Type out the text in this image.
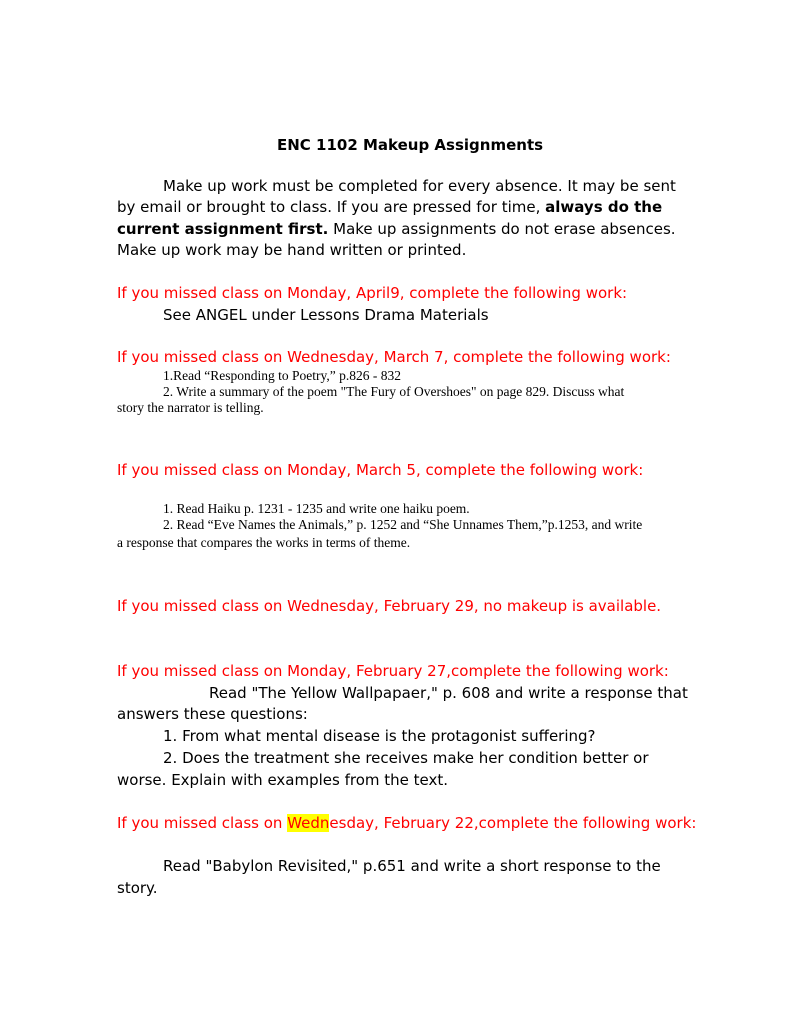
ENC 1102 Makeup Assignments
Make up work must be completed for every absence. It may be sent
by email or brought to class. If you are pressed for time, always do the
current assignment first. Make up assignments do not erase absences.
Make up work may be hand written or printed.
If you missed class on Monday, April9, complete the following work:
See ANGEL under Lessons Drama Materials
If you missed class on Wednesday, March 7, complete the following work:
1.Read “Responding to Poetry,” p.826 - 832
2. Write a summary of the poem "The Fury of Overshoes" on page 829. Discuss what
story the narrator is telling.
If you missed class on Monday, March 5, complete the following work:
1. Read Haiku p. 1231 - 1235 and write one haiku poem.
2. Read “Eve Names the Animals,” p. 1252 and “She Unnames Them,”p.1253, and write
a response that compares the works in terms of theme.
If you missed class on Wednesday, February 29, no makeup is available.
If you missed class on Monday, February 27,complete the following work:
Read "The Yellow Wallpapaer," p. 608 and write a response that
answers these questions:
1. From what mental disease is the protagonist suffering?
2. Does the treatment she receives make her condition better or
worse. Explain with examples from the text.
If you missed class on Wednesday, February 22,complete the following work:
Read "Babylon Revisited," p.651 and write a short response to the
story.
